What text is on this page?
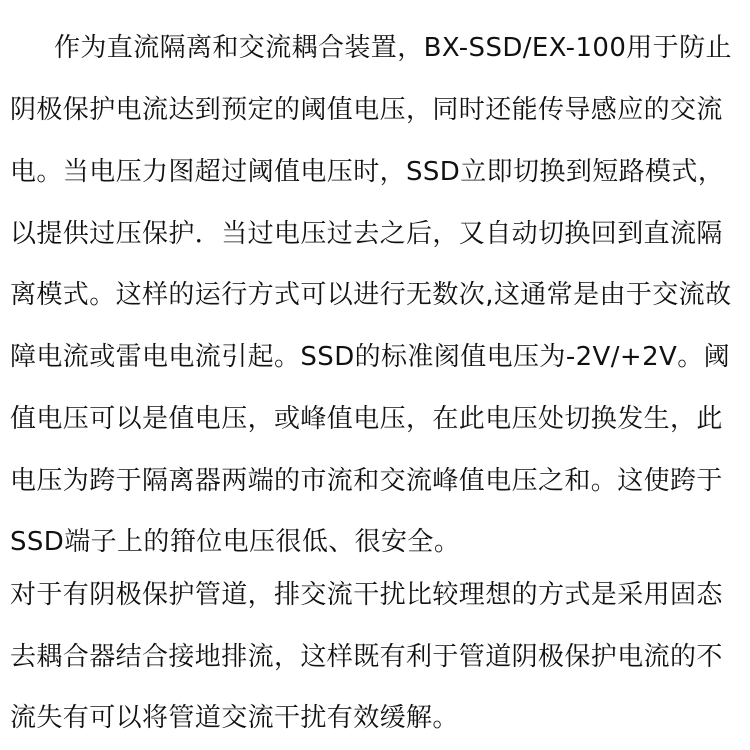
作为直流隔离和交流耦合装置，BX-SSD/EX-100用于防止
阴极保护电流达到预定的阈值电压，同时还能传导感应的交流
电。当电压力图超过阈值电压时，SSD立即切换到短路模式，
以提供过压保护．当过电压过去之后，又自动切换回到直流隔
离模式。这样的运行方式可以进行无数次,这通常是由于交流故
障电流或雷电电流引起。SSD的标准阂值电压为-2V/+2V。阈
值电压可以是值电压，或峰值电压，在此电压处切换发生，此
电压为跨于隔离器两端的市流和交流峰值电压之和。这使跨于
SSD端子上的箝位电压很低、很安全。
对于有阴极保护管道，排交流干扰比较理想的方式是采用固态
去耦合器结合接地排流，这样既有利于管道阴极保护电流的不
流失有可以将管道交流干扰有效缓解。
